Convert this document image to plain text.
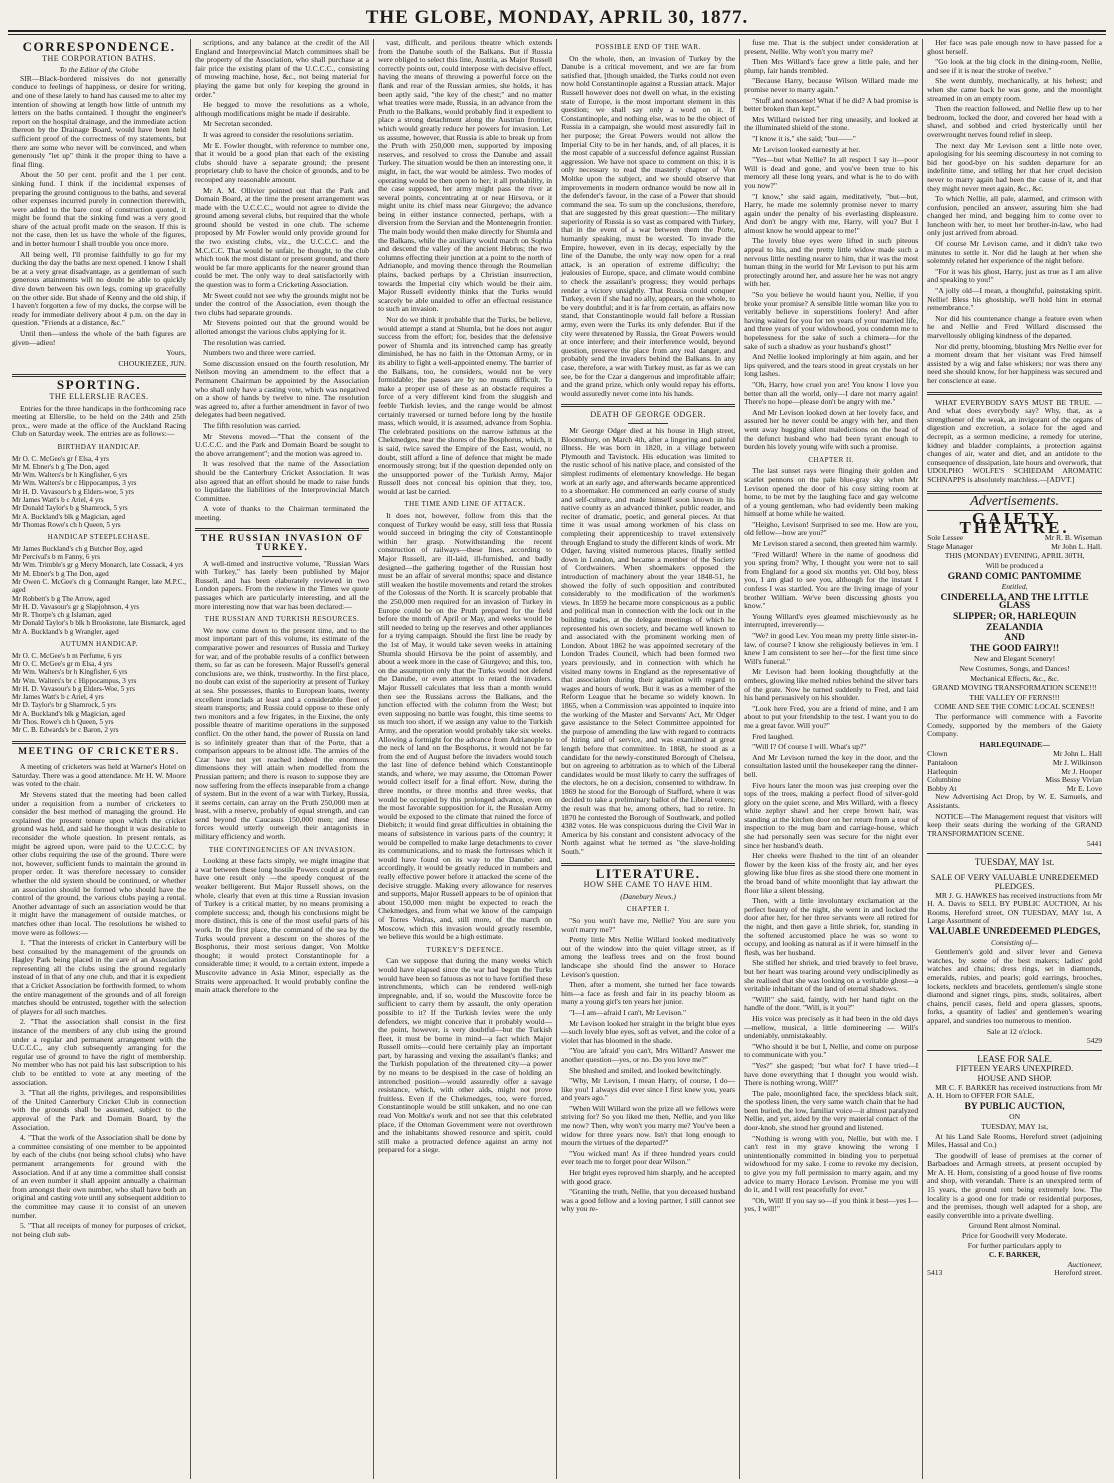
THE GLOBE, MONDAY, APRIL 30, 1877.
CORRESPONDENCE.
THE CORPORATION BATHS.
To the Editor of the Globe

SIR—Black-bordered missives do not generally conduce to feelings of happiness, or desire for writing, and one of these lately to hand has caused me to alter my intention of showing at length how little of untruth my letters on the baths contained. I thought the engineer's report on the hospital drainage, and the immediate action thereon by the Drainage Board, would have been held sufficient proof of the correctness of my statements, but there are some who never will be convinced, and when generously "let up" think it the proper thing to have a final fling.

About the 50 per cent. profit and the 1 per cent. sinking fund. I think if the incidental expenses of preparing the ground contiguous to the baths, and several other expenses incurred purely in connection therewith, were added to the bare cost of construction quoted, it might be found that the sinking fund was a very good share of the actual profit made on the season. If this is not the case, then let us have the whole of the figures, and in better humour I shall trouble you once more.

All being well, I'll promise faithfully to go for my ducking the day the baths are next opened. I know I shall be at a very great disadvantage, as a gentleman of such generous attainments will no doubt be able to quickly dive down between his own legs, coming up gracefully on the other side. But shade of Kenny and the old ship, if I haven't forgotten a few of my ducks, the corpse will be ready for immediate delivery about 4 p.m. on the day in question. "Friends at a distance, &c."

Until then—unless the whole of the bath figures are given—adieu!

Yours,
CHOUKIEZEE, JUN.
SPORTING.
THE ELLERSLIE RACES.

Entries for the three handicaps in the forthcoming race meeting at Ellerslie, to be held on the 24th and 25th prox., were made at the office of the Auckland Racing Club on Saturday week. The entries are as follows:—

BIRTHDAY HANDICAP.
Mr O. C. McGee's gr f Elsa, 4 yrs
Mr M. Ebner's b g The Don, aged
Mr Wm. Walters's br h Kingfisher, 6 yrs
Mr Wm. Walters's br c Hippocampus, 3 yrs
Mr H. D. Vavasour's b g Elders-woe, 5 yrs
Mr James Watt's b c Ariel, 4 yrs
Mr Donald Taylor's b g Shamrock, 5 yrs
Mr A. Buckland's blk g Magician, aged
Mr Thomas Rowe's ch h Queen, 5 yrs
HANDICAP STEEPLECHASE.
Mr James Buckland's ch g Butcher Boy, aged
Mr Percival's b m Fanny, 6 yrs
Mr Wm. Trimble's gr g Merry Monarch, late Cossack, 4 yrs
Mr M. Ebner's b g The Don, aged
Mr Owen C. McGee's ch g Connaught Ranger, late M.P.C., aged
Mr Robbett's b g The Arrow, aged
Mr H. D. Vavasour's gr g Slapjohnson, 4 yrs
Mr R. Thorpe's ch g Islaman, aged
Mr Donald Taylor's b blk h Brookstone, late Bismarck, aged
Mr A. Buckland's b g Wrangler, aged
AUTUMN HANDICAP.
Mr O. C. McGee's b m Perfume, 6 yrs
Mr O. C. McGee's gr m Elsa, 4 yrs
Mr Wm. Walters's br h Kingfisher, 6 yrs
Mr Wm. Walters's br c Hippocampus, 3 yrs
Mr H. D. Vavasour's b g Elders-Woe, 5 yrs
Mr James Watt's b c Ariel, 4 yrs
Mr D. Taylor's br g Shamrock, 5 yrs
Mr A. Buckland's blk g Magician, aged
Mr Thos. Rowe's ch h Queen, 5 yrs
Mr C. B. Edwards's br c Baron, 2 yrs
MEETING OF CRICKETERS.

A meeting of cricketers was held at Warner's Hotel on Saturday. There was a good attendance. Mr H. W. Moore was voted to the chair.

Mr Stevens stated that the meeting had been called under a requisition from a number of cricketers to consider the best method of managing the ground. He explained the present tenure upon which the cricket ground was held, and said he thought it was desirable to reconsider the whole question. In present rentals, as might be agreed upon, were paid to the U.C.C.C. by other clubs requiring the use of the ground. There were not, however, sufficient funds to maintain the ground in proper order. It was therefore necessary to consider whether the old system should be continued, or whether an association should be formed who should have the control of the ground, the various clubs paying a rental. Another advantage of such an association would be that it might have the management of outside matches, or matches other than local. The resolutions he wished to move were as follows:—

1. "That the interests of cricket in Canterbury will be best consulted by the management of the grounds on Hagley Park being placed in the care of an Association representing all the clubs using the ground regularly instead of in that of any one club, and that it is expedient that a Cricket Association be forthwith formed, to whom the entire management of the grounds and of all foreign matches should be entrusted, together with the selection of players for all such matches.

2. "That the association shall consist in the first instance of the members of any club using the ground under a regular and permanent arrangement with the U.C.C.C., any club subsequently arranging for the regular use of ground to have the right of membership. No member who has not paid his last subscription to his club to be entitled to vote at any meeting of the association.

3. "That all the rights, privileges, and responsibilities of the United Canterbury Cricket Club in connection with the grounds shall be assumed, subject to the approval of the Park and Domain Board, by the Association.

4. "That the work of the Association shall be done by a committee consisting of one member to be appointed by each of the clubs (not being school clubs) who have permanent arrangements for ground with the Association. And if at any time a committee shall consist of an even number it shall appoint annually a chairman from amongst their own number, who shall have both an original and casting vote until any subsequent addition to the committee may cause it to consist of an uneven number.

5. "That all receipts of money for purposes of cricket, not being club sub-

scriptions, and any balance at the credit of the All England and Interprovincial Match committees shall be the property of the Association, who shall purchase at a fair price the existing plant of the U.C.C.C., consisting of mowing machine, hose, &c., not being material for playing the game but only for keeping the ground in order."

He begged to move the resolutions as a whole, although modifications might be made if desirable.

Mr Secretan seconded.

It was agreed to consider the resolutions seriatim.

Mr E. Fowler thought, with reference to number one, that it would be a good plan that each of the existing clubs should have a separate ground; the present proprietary club to have the choice of grounds, and to be recouped any reasonable amount.

Mr A. M. Ollivier pointed out that the Park and Domain Board, at the time the present arrangement was made with the U.C.C.C., would not agree to divide the ground among several clubs, but required that the whole ground should be vested in one club. The scheme proposed by Mr Fowler would only provide ground for the two existing clubs, viz., the U.C.C.C. and the M.C.C.C. That would be unfair, he thought, to the club which took the most distant or present ground, and there would be far more applicants for the nearer ground than could be met. The only way to deal satisfactorily with the question was to form a Cricketing Association.

Mr Sweet could not see why the grounds might not be under the control of the Association, even though the two clubs had separate grounds.

Mr Stevens pointed out that the ground would be allotted amongst the various clubs applying for it.

The resolution was carried.

Numbers two and three were carried.

Some discussion ensued on the fourth resolution, Mr Neilson moving an amendment to the effect that a Permanent Chairman be appointed by the Association who shall only have a casting vote, which was negatived on a show of hands by twelve to nine. The resolution was agreed to, after a further amendment in favor of two delegates had been negatived.

The fifth resolution was carried.

Mr Stevens moved—"That the consent of the U.C.C.C. and the Park and Domain Board be sought to the above arrangement"; and the motion was agreed to.

It was resolved that the name of the Association should be the Canterbury Cricket Association. It was also agreed that an effort should be made to raise funds to liquidate the liabilities of the Interprovincial Match Committee.

A vote of thanks to the Chairman terminated the meeting.

THE RUSSIAN INVASION OF TURKEY.

A well-timed and instructive volume, "Russian Wars with Turkey," has lately been published by Major Russell, and has been elaborately reviewed in two London papers. From the review in the Times we quote passages which are particularly interesting, and all the more interesting now that war has been declared:—

THE RUSSIAN AND TURKISH RESOURCES.

We now come down to the present time, and to the most important part of this volume, its estimate of the comparative power and resources of Russia and Turkey for war, and of the probable results of a conflict between them, so far as can be foreseen. Major Russell's general conclusions are, we think, trustworthy. In the first place, no doubt can exist of the superiority at present of Turkey at sea. She possesses, thanks to European loans, twenty excellent ironclads at least and a considerable fleet of steam transports; and Russia could oppose to these only two monitors and a few frigates, in the Euxine, the only possible theatre of maritime operations in the supposed conflict. On the other hand, the power of Russia on land is so infinitely greater than that of the Porte, that a comparison appears to be almost idle. The armies of the Czar have not yet reached indeed the enormous dimensions they will attain when modelled from the Prussian pattern; and there is reason to suppose they are now suffering from the effects inseparable from a change of system. But in the event of a war with Turkey, Russia, it seems certain, can array on the Pruth 250,000 men at least, with a reserve, probably of equal strength, and can send beyond the Caucasus 150,000 men; and these forces would utterly outweigh their antagonists in military efficiency and worth.

THE CONTINGENCIES OF AN INVASION.

Looking at these facts simply, we might imagine that a war between these long hostile Powers could at present have one result only —the speedy conquest of the weaker belligerent. But Major Russell shows, on the whole, clearly that even at this time a Russian invasion of Turkey is a critical matter, by no means promising a complete success; and, though his conclusions might be more distinct, this is one of the most useful parts of his work. In the first place, the command of the sea by the Turks would prevent a descent on the shores of the Bosphorus, their most serious danger, Von Moltke thought; it would protect Constantinople for a considerable time; it would, to a certain extent, impede a Muscovite advance in Asia Minor, especially as the Straits were approached. It would probably confine the main attack therefore to the

vast, difficult, and perilous theatre which extends from the Danube south of the Balkans. But if Russia were obliged to select this line, Austria, as Major Russell correctly points out, could interpose with decisive effect, having the means of throwing a powerful force on the flank and rear of the Russian armies, she holds, it has been aptly said, "the key of the chest;" and no matter what treaties were made, Russia, in an advance from the Pruth to the Balkans, would probably find it expedient to place a strong detachment along the Austrian frontier, which would greatly reduce her powers for invasion. Let us assume, however, that Russia is able to break up from the Pruth with 250,000 men, supported by imposing reserves, and resolved to cross the Danube and assail Turkey. The situation would be then an interesting one, it might, in fact, the war would be aimless. Two modes of operating would be then open to her; it all probability, in the case supposed, her army might pass the river at several points, concentrating at or near Hirsova, or it might unite its chief mass near Giurgevo; the advance being in either instance connected, perhaps, with a diversion from the Servian and the Montenegrin frontier. The main body would then make directly for Shumla and the Balkans, while the auxiliary would march on Sophia and descend the valley of the ancient Hebrus; the two columns effecting their junction at a point to the north of Adrianople, and moving thence through the Roumelian plains, backed perhaps by a Christian insurrection, towards the Imperial city which would be their aim. Major Russell evidently thinks that the Turks would scarcely be able unaided to offer an effectual resistance to such an invasion.

Nor do we think it probable that the Turks, be believe, would attempt a stand at Shumla, but he does not augur success from the effort; for, besides that the defensive power of Shumla and its intrenched camp has greatly diminished, he has no faith in the Ottoman Army, or in its ability to fight a well-appointed enemy. The barrier of the Balkans, too, he considers, would not be very formidable; the passes are by no means difficult. To make a proper use of these as an obstacle requires a force of a very different kind from the sluggish and feeble Turkish levies, and the range would be almost certainly traversed or turned before long by the hostile mass, which would, it is assumed, advance from Sophia. The celebrated positions on the narrow isthmus at the Chekmedges, near the shores of the Bosphorus, which, it is said, twice saved the Empire of the East, would, no doubt, still afford a line of defence that might be made enormously strong; but if the question depended only on the unsupported power of the Turkish Army, Major Russell does not conceal his opinion that they, too, would at last be carried.

THE TIME AND LINE OF ATTACK.

It does not, however, follow from this that the conquest of Turkey would be easy, still less that Russia would succeed in bringing the city of Constantinople within her grasp. Notwithstanding the recent construction of railways—these lines, according to Major Russell, are ill-laid, ill-furnished, and badly designed—the gathering together of the Russian host must be an affair of several months; space and distance still weaken the hostile movements and retard the strokes of the Colossus of the North. It is scarcely probable that the 250,000 men required for an invasion of Turkey in Europe could be on the Pruth prepared for the field before the month of April or May, and weeks would be still needed to bring up the reserves and other appliances for a trying campaign. Should the first line be ready by the 1st of May, it would take seven weeks in attaining Shumla should Hirsova be the point of assembly, and about a week more in the case of Giurgevo; and this, too, on the assumption only that the Turks would not defend the Danube, or even attempt to retard the invaders. Major Russell calculates that less than a month would then see the Russians across the Balkans, and the junction effected with the column from the West; but even supposing no battle was fought, this time seems to us much too short, if we assign any value to the Turkish Army, and the operation would probably take six weeks. Allowing a fortnight for the advance from Adrianople to the neck of land on the Bosphorus, it would not be far from the end of August before the invaders would touch the last line of defence behind which Constantinople stands, and where, we may assume, the Ottoman Power would collect itself for a final effort. Now, during the three months, or three months and three weeks, that would be occupied by this prolonged advance, even on the most favorable supposition for it, the Russian Army would be exposed to the climate that ruined the force of Diebitch; it would find great difficulties in obtaining the means of subsistence in various parts of the country; it would be compelled to make large detachments to cover its communications, and to mask the fortresses which it would have found on its way to the Danube: and, accordingly, it would be greatly reduced in numbers and really effective power before it attacked the scene of the decisive struggle. Making every allowance for reserves and supports, Major Russell appears to be of opinion that about 150,000 men might be expected to reach the Chekmedges, and from what we know of the campaign of Torres Vedras, and, still more, of the march on Moscow, which this invasion would greatly resemble, we believe this would be a high estimate.

TURKEY'S DEFENCE.

Can we suppose that during the many weeks which would have elapsed since the war had begun the Turks would have been so fatuous as not to have fortified these intrenchments, which can be rendered well-nigh impregnable, and, if so, would the Muscovite force be sufficient to carry them by assault, the only operation possible to it? If the Turkish levies were the only defenders, we might conceive that it probably would—the point, however, is very doubtful—but the Turkish fleet, it must be borne in mind—a fact which Major Russell omits—could here certainly play an important part, by harassing and vexing the assailant's flanks; and the Turkish population of the threatened city—a power by no means to be despised in the case of holding an intrenched position—would assuredly offer a savage resistance, which, with other aids, might not prove fruitless. Even if the Chekmedges, too, were forced, Constantinople would be still unkaken, and no one can read Von Moltke's work and not see that this celebrated place, if the Ottoman Government were not overthrown and the inhabitants showed resource and spirit, could still make a protracted defence against an army not prepared for a siege.

POSSIBLE END OF THE WAR.

On the whole, then, an invasion of Turkey by the Danube is a critical movement, and we are far from satisfied that, [though unaided, the Turks could not even now hold Constantinople against a Russian attack. Major Russell however does not dwell on what, in the existing state of Europe, is the most important element in this question; we shall say only a word on it. If Constantinople, and nothing else, was to be the object of Russia in a campaign, she would most assuredly fail in her purpose; the Great Powers would not allow the Imperial City to be in her hands, and, of all places, it is the most capable of a successful defence against Russian aggression. We have not space to comment on this; it is only necessary to read the masterly chapter of Von Moltke upon the subject, and we should observe that improvements in modern ordnance would be now all in the defender's favour, in the case of a Power that should command the sea. To sum up the conclusions, therefore, that are suggested by this great question:—The military superiority of Russia is so vast as compared with Turkey, that in the event of a war between them the Porte, humanly speaking, must be worsted. To invade the Empire, however, even in its decay, especially by the line of the Danube, the only way now open for a real attack, is an operation of extreme difficulty; the jealousies of Europe, space, and climate would combine to check the assailant's progress; they would perhaps render a victory unsightly. That Russia could conquer Turkey, even if she had no ally, appears, on the whole, to be very doubtful; and it is far from certain, as affairs now stand, that Constantinople would fall before a Russian army, even were the Turks its only defender. But if the city were threatened by Russia, the Great Powers would at once interfere; and their interference would, beyond question, preserve the place from any real danger, and probably send the invaders behind the Balkans. In any case, therefore, a war with Turkey must, as far as we can see, be for the Czar a dangerous and improfitable affair; and the grand prize, which only would repay his efforts, would assuredly never come into his hands.

DEATH OF GEORGE ODGER.

Mr George Odger died at his house in High street, Bloomsbury, on March 4th, after a lingering and painful illness. He was born in 1820, in a village between Plymouth and Tavistock. His education was limited to the rustic school of his native place, and consisted of the simplest rudiments of elementary knowledge. He began work at an early age, and afterwards became apprenticed to a shoemaker. He commenced an early course of study and self-culture, and made himself soon known in his native county as an advanced thinker, public reader, and reciter of dramatic, poetic, and general pieces. At that time it was usual among workmen of his class on completing their apprenticeship to travel extensively through England to study the different kinds of work. Mr Odger, having visited numerous places, finally settled down in London, and became a member of the Society of Cordwainers. When shoemakers opposed the introduction of machinery about the year 1848-51, he showed the folly of such opposition and contributed considerably to the modification of the workmen's views. In 1859 he became more conspicuous as a public and political man in connection with the lock out in the building trades, at the delegate meetings of which he represented his own society, and became well known to and associated with the prominent working men of London. About 1862 he was appointed secretary of the London Trades Council, which had been formed two years previously, and in connection with which he visited many towns in England as the representative of that association during their agitation with regard to wages and hours of work. But it was as a member of the Reform League that he became so widely known. In 1865, when a Commission was appointed to inquire into the working of the Master and Servants' Act, Mr Odger gave assistance to the Select Committee appointed for the purpose of amending the law with regard to contracts of hiring and of service, and was examined at great length before that committee. In 1868, he stood as a candidate for the newly-constituted Borough of Chelsea, but on agreeing to arbitration as to which of the Liberal candidates would be most likely to carry the suffrages of the electors, he on a decision, consented to withdraw. In 1869 he stood for the Borough of Stafford, where it was decided to take a preliminary ballot of the Liberal voters; the result was that he, among others, had to retire. In 1870 he contested the Borough of Southwark, and polled 4382 votes. He was conspicuous during the Civil War in America by his constant and consistent advocacy of the North against what he termed as "the slave-holding South."

LITERATURE.
HOW SHE CAME TO HAVE HIM.
(Danebury News.)
CHAPTER I.

"So you won't have me, Nellie? You are sure you won't marry me?"

Pretty little Mrs Nellie Willard looked meditatively out of the window into the quiet village street, as if among the leafless trees and on the frost bound landscape she should find the answer to Horace Levison's question.

Then, after a moment, she turned her face towards him—a face as fresh and fair in its peachy bloom as many a young girl's ten years her junior.

"I—I am—afraid I can't, Mr Levison."

Mr Levison looked her straight in the bright blue eyes—such lovely blue eyes, soft as velvet, and the color of a violet that has bloomed in the shade.

"You are 'afraid' you can't, Mrs Willard? Answer me another question—yes, or no. Do you love me?"

She blushed and smiled, and looked bewitchingly.

"Why, Mr Levison, I mean Harry, of course, I do—like you! I always did ever since I first knew you, years and years ago."

"When Will Willard won the prize all we fellows were striving for? So you liked me then, Nellie, and you like me now? Then, why won't you marry me? You've been a widow for three years now. Isn't that long enough to mourn the virtues of the departed?"

"You wicked man! As if three hundred years could ever teach me to forget poor dear Wilson."

Her bright eyes reproved him sharply, and he accepted with good grace.

"Granting the truth, Nellie, that you deceased husband was a good fellow and a loving partner, I still cannot see why you re-

fuse me. That is the subject under consideration at present, Nellie. Why won't you marry me?

Then Mrs Willard's face grew a little pale, and her plump, fair hands trembled.

"Because Harry, because Wilson Willard made me promise never to marry again."

"Stuff and nonsense! What if he did? A bad promise is better broken than kept."

Mrs Willard twisted her ring uneasily, and looked at the illuminated shield of the stone.

"I know it is," she said; "but——"

Mr Levison looked earnestly at her.

"Yes—but what Nellie? In all respect I say it—poor Will is dead and gone, and you've been true to his memory all these long years, and what is he to do with you now?"

"I know," she said again, meditatively, "but—but, Harry, he made me solemnly promise never to marry again under the penalty of his everlasting displeasure. And don't be angry with me, Harry, will you? But I almost know he would appear to me!"

The lovely blue eyes were lifted in such piteous appeal to his, and the pretty little widow made such a nervous little nestling nearer to him, that it was the most human thing in the world for Mr Levison to put his arm protectingly around her, and assure her he was not angry with her.

"So you believe he would haunt you, Nellie, if you broke your promise? A sensible little woman like you to veritably believe in superstitions foolery! And after having waited for you for ten years of your married life, and three years of your widowhood, you condemn me to hopelessness for the sake of such a chimera—for the sake of such a shadow as your husband's ghost!"

And Nellie looked imploringly at him again, and her lips quivered, and the tears stood in great crystals on her long lashes.

"Oh, Harry, how cruel you are! You know I love you better than all the world, only—I dare not marry again! There's no hope—please don't be angry with me."

And Mr Levison looked down at her lovely face, and assured her he never could be angry with her, and then went away hugging silent maledictions on the head of the defunct husband who had been tyrant enough to burden his lovely young wife with such a promise.

CHAPTER II.

The last sunset rays were flinging their golden and scarlet pennons on the pale blue-gray sky when Mr Levison opened the door of his cosy sitting room at home, to be met by the laughing face and gay welcome of a young gentleman, who had evidently been making himself at home while he waited.

"Heigho, Levison! Surprised to see me. How are you, old fellow—how are you?"

Mr Levison stared a second, then greeted him warmly.

"Fred Willard! Where in the name of goodness did you spring from? Why, I thought you were not to sail from England for a good six months yet. Old boy, bless you, I am glad to see you, although for the instant I confess I was startled. You are the living image of your brother William. We've been discussing ghosts you know."

Young Willard's eyes gleamed mischievously as he interrupted, irreverently—

"We? in good Lev. You mean my pretty little sister-in-law, of course? I know she religiously believes in 'em. I knew I am consistent to see her—for the first time since Will's funeral."

Mr Levison had been looking thoughtfully at the embers, glowing like melted rubies behind the silver bars of the grate. Now he turned suddenly to Fred, and laid his hand persuasively on his shoulder.

"Look here Fred, you are a friend of mine, and I am about to put your friendship to the test. I want you to do me a great favor. Will you?"

Fred laughed.

"Will I? Of course I will. What's up?"

And Mr Levison turned the key in the door, and the consultation lasted until the housekeeper rang the dinner-bell.

Five hours later the moon was just creeping over the tops of the trees, making a perfect flood of silver-gold glory on the quiet scene, and Mrs Willard, with a fleecy white zephyr shawl and her crepe brown hair, was standing at the kitchen door on her return from a tour of inspection to the mug barn and carriage-house, which she had personally seen was secure for the night ever since her husband's death.

Her cheeks were flushed to the tint of an oleander flower by the keen kiss of the frosty air, and her eyes glowing like blue fires as she stood there one moment in the broad band of white moonlight that lay athwart the floor like a silent blessing.

Then, with a little involuntary exclamation at the perfect beauty of the night, she went in and locked the door after her, for her three servants were all retired for the night, and then gave a little shriek, for, standing in the softened accustomed place he was so wont to occupy, and looking as natural as if it were himself in the flesh, was her husband.

She stifled her shriek, and tried bravely to feel brave, but her heart was tearing around very undisciplinedly as she realised that she was looking on a veritable ghost—a veritable inhabitant of the land of eternal shadows.

"Will!" she said, faintly, with her hand tight on the handle of the door. "Will, is it you?"

His voice was precisely as it had been in the old days—mellow, musical, a little domineering — Will's undeniably, unmistakeably.

"Who should it be but I, Nellie, and come on purpose to communicate with you."

"Yes?" she gasped; "but what for? I have tried—I have done everything that I thought you would wish. There is nothing wrong, Will?"

The pale, moonlighted face, the speckless black suit, the spotless linen, the very same watch chain that he had been buried, the low, familiar voice—it almost paralyzed Nellie, and yet, aided by the very material contact of the door-knob, she stood her ground and listened.

"Nothing is wrong with you, Nellie, but with me. I can't rest in my grave knowing the wrong I unintentionally committed in binding you to perpetual widowhood for my sake. I come to revoke my decision, to give you my full permission to marry again, and my advice to marry Horace Levison. Promise me you will do it, and I will rest peacefully for ever."

"Oh, Will! If you say so—if you think it best—yes I—yes, I will!"

Her face was pale enough now to have passed for a ghost herself.

"Go look at the big clock in the dining-room, Nellie, and see if it is near the stroke of twelve."

She went dumbly, mechanically, at his behest; and when she came back he was gone, and the moonlight streamed in on an empty room.

Then the reaction followed, and Nellie flew up to her bedroom, locked the door, and covered her head with a shawl, and sobbed and cried hysterically until her overwrought nerves found relief in sleep.

The next day Mr Levison sent a little note over, apologising for his seeming discourtesy in not coming to bid her good-bye on his sudden departure for an indefinite time, and telling her that her cruel decision never to marry again had been the cause of it, and that they might never meet again, &c., &c.

To which Nellie, all pale, alarmed, and crimson with confusion, penciled an answer, assuring him she had changed her mind, and begging him to come over to luncheon with her, to meet her brother-in-law, who had only just arrived from abroad.

Of course Mr Levison came, and it didn't take two minutes to settle it. Nor did he laugh at her when she solemnly related her experience of the night before.

"For it was his ghost, Harry, just as true as I am alive and speaking to you!"

"A jolly old—I mean, a thoughtful, painstaking spirit. Nellie! Bless his ghostship, we'll hold him in eternal remembrance."

Nor did his countenance change a feature even when he and Nellie and Fred Willard discussed the marvellously obliging kindness of the departed.

Nor did pretty, blooming, blushing Mrs Nellie ever for a moment dream that her visitant was Fred himself assisted by a wig and false whiskers; nor was there any need she should know, for her happiness was secured and her conscience at ease.

WHAT EVERYBODY SAYS MUST BE TRUE. —And what does everybody say? Why, that, as a strengthener of the weak, an invigorant of the organs of digestion and excretion, a solace for the aged and decrepit, as a sermon medicine, a remedy for uterine, kidney and bladder complaints, a protection against changes of air, water and diet, and an antidote to the consequence of dissipation, late hours and overwork, that UDOLPHO WOLFE'S SCHIEDAM AROMATIC SCHNAPPS is absolutely matchless.—[ADVT.]

Advertisements.
GAIETY THEATRE.
Sole Lessee	Mr R. B. Wiseman
Stage Manager	Mr John L. Hall.
THIS (MONDAY) EVENING, APRIL 30TH,
Will be produced a
GRAND COMIC PANTOMIME
Entitled,
CINDERELLA, AND THE LITTLE GLASS
SLIPPER; OR, HARLEQUIN
ZEALANDIA
AND
THE GOOD FAIRY!!
New and Elegant Scenery!
New Costumes, Songs, and Dances!
Mechanical Effects, &c., &c.
GRAND MOVING TRANSFORMATION SCENE!!!
THE VALLEY OF FERNS!!!
COME AND SEE THE COMIC LOCAL SCENES!!

The performance will commence with a Favorite Comedy, supported by the members of the Gaiety Company.

HARLEQUINADE—
Clown	Mr John L. Hall
Pantaloon	Mr J. Wilkinson
Harlequin	Mr J. Hooper
Columbine	Miss Bessy Vivian
Bobby At	Mr E. Love

New Advertising Act Drop, by W. E. Samuels, and Assistants.

NOTICE—The Management request that visitors will keep their seats during the working of the GRAND TRANSFORMATION SCENE.

5441
TUESDAY, MAY 1st.
SALE OF VERY VALUABLE UNREDEEMED PLEDGES.

MR J. G. HAWKES has received instructions from Mr H. A. Davis to SELL BY PUBLIC AUCTION, At his Rooms, Hereford street, ON TUESDAY, MAY 1st, A Large Assortment of

VALUABLE UNREDEEMED PLEDGES,
Consisting of—

Gentlemen's gold and silver lever and Geneva watches, by some of the best makers; ladies' gold watches and chains; dress rings, set in diamonds, emeralds, rubies, and pearls; gold earrings, brooches, lockets, necklets and bracelets, gentlemen's single stone diamond and signet rings, pins, studs, solitaires, albert chains, pencil cases, field and opera glasses, spoons, forks, a quantity of ladies' and gentlemen's wearing apparel, and sundries too numerous to mention.

Sale at 12 o'clock.
5429
LEASE FOR SALE.
FIFTEEN YEARS UNEXPIRED.
HOUSE AND SHOP.

MR C. F. BARKER has received instructions from Mr A. H. Horn to OFFER FOR SALE,

BY PUBLIC AUCTION,
ON
TUESDAY, MAY 1st,

At his Land Sale Rooms, Hereford street (adjoining Miles, Hassal and Co.)

The goodwill of lease of premises at the corner of Barbadoes and Armagh streets, at present occupied by Mr A. H. Horn, consisting of a good house of five rooms and shop, with verandah. There is an unexpired term of 15 years, the ground rent being extremely low. The locality is a good one for trade or residential purposes, and the premises, though well adapted for a shop, are easily convertible into a private dwelling.

Ground Rent almost Nominal.
Price for Goodwill very Moderate.
For further particulars apply to
C. F. BARKER,
Auctioneer,
5413	Hereford street.
